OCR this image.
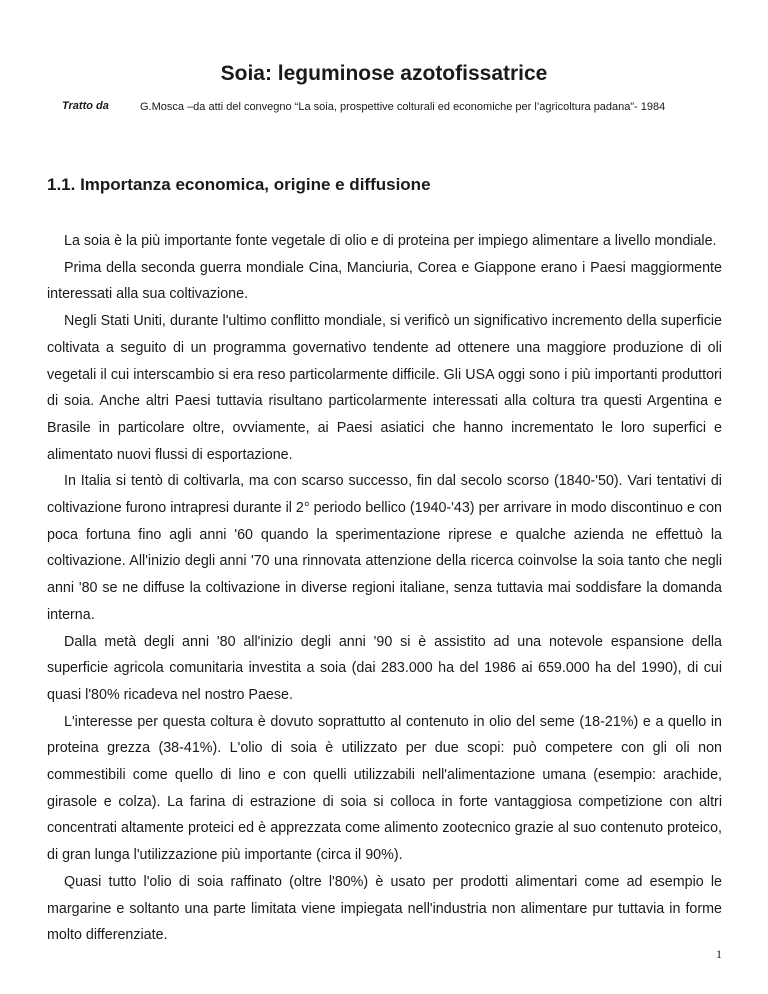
Soia: leguminose azotofissatrice
Tratto da	G.Mosca –da atti del convegno “La soia, prospettive colturali ed economiche per l’agricoltura padana”- 1984
1.1. Importanza economica, origine e diffusione

La soia è la più importante fonte vegetale di olio e di proteina per impiego alimentare a livello mondiale.

Prima della seconda guerra mondiale Cina, Manciuria, Corea e Giappone erano i Paesi maggiormente interessati alla sua coltivazione.

Negli Stati Uniti, durante l'ultimo conflitto mondiale, si verificò un significativo incremento della superficie coltivata a seguito di un programma governativo tendente ad ottenere una maggiore produzione di oli vegetali il cui interscambio si era reso particolarmente difficile. Gli USA oggi sono i più importanti produttori di soia. Anche altri Paesi tuttavia risultano particolarmente interessati alla coltura tra questi Argentina e Brasile in particolare oltre, ovviamente, ai Paesi asiatici che hanno incrementato le loro superfici e alimentato nuovi flussi di esportazione.

In Italia si tentò di coltivarla, ma con scarso successo, fin dal secolo scorso (1840-'50). Vari tentativi di coltivazione furono intrapresi durante il 2° periodo bellico (1940-'43) per arrivare in modo discontinuo e con poca fortuna fino agli anni '60 quando la sperimentazione riprese e qualche azienda ne effettuò la coltivazione. All'inizio degli anni '70 una rinnovata attenzione della ricerca coinvolse la soia tanto che negli anni '80 se ne diffuse la coltivazione in diverse regioni italiane, senza tuttavia mai soddisfare la domanda interna.

Dalla metà degli anni '80 all'inizio degli anni '90 si è assistito ad una notevole espansione della superficie agricola comunitaria investita a soia (dai 283.000 ha del 1986 ai 659.000 ha del 1990), di cui quasi l'80% ricadeva nel nostro Paese.

L'interesse per questa coltura è dovuto soprattutto al contenuto in olio del seme (18-21%) e a quello in proteina grezza (38-41%). L'olio di soia è utilizzato per due scopi: può competere con gli oli non commestibili come quello di lino e con quelli utilizzabili nell'alimentazione umana (esempio: arachide, girasole e colza). La farina di estrazione di soia si colloca in forte vantaggiosa competizione con altri concentrati altamente proteici ed è apprezzata come alimento zootecnico grazie al suo contenuto proteico, di gran lunga l'utilizzazione più importante (circa il 90%).

Quasi tutto l'olio di soia raffinato (oltre l'80%) è usato per prodotti alimentari come ad esempio le margarine e soltanto una parte limitata viene impiegata nell'industria non alimentare pur tuttavia in forme molto differenziate.

1
